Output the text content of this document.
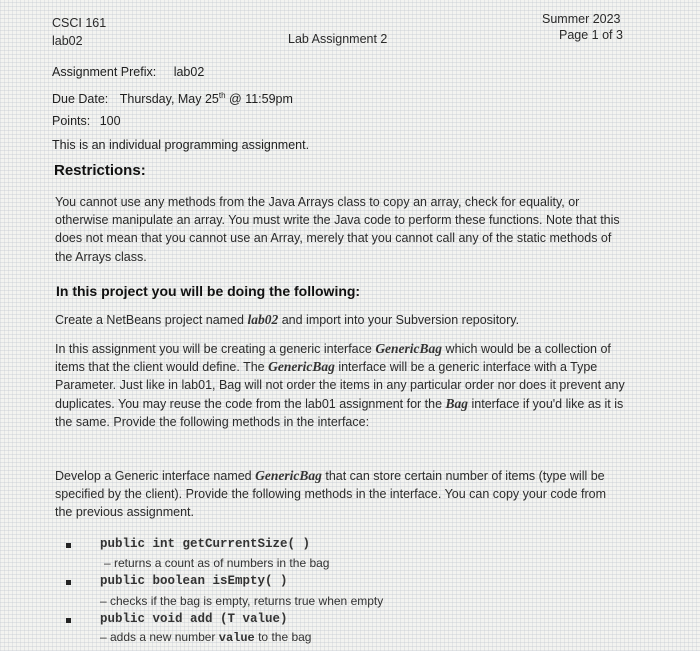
CSCI 161
lab02	Lab Assignment 2
Summer 2023
Page 1 of 3
Assignment Prefix: lab02
Due Date: Thursday, May 25th @ 11:59pm
Points: 100
This is an individual programming assignment.
Restrictions:
You cannot use any methods from the Java Arrays class to copy an array, check for equality, or otherwise manipulate an array. You must write the Java code to perform these functions. Note that this does not mean that you cannot use an Array, merely that you cannot call any of the static methods of the Arrays class.
In this project you will be doing the following:
Create a NetBeans project named lab02 and import into your Subversion repository.
In this assignment you will be creating a generic interface GenericBag which would be a collection of items that the client would define. The GenericBag interface will be a generic interface with a Type Parameter. Just like in lab01, Bag will not order the items in any particular order nor does it prevent any duplicates. You may reuse the code from the lab01 assignment for the Bag interface if you'd like as it is the same. Provide the following methods in the interface:
Develop a Generic interface named GenericBag that can store certain number of items (type will be specified by the client). Provide the following methods in the interface. You can copy your code from the previous assignment.
public int getCurrentSize( )
– returns a count as of numbers in the bag
public boolean isEmpty( )
– checks if the bag is empty, returns true when empty
public void add (T value)
– adds a new number value to the bag
